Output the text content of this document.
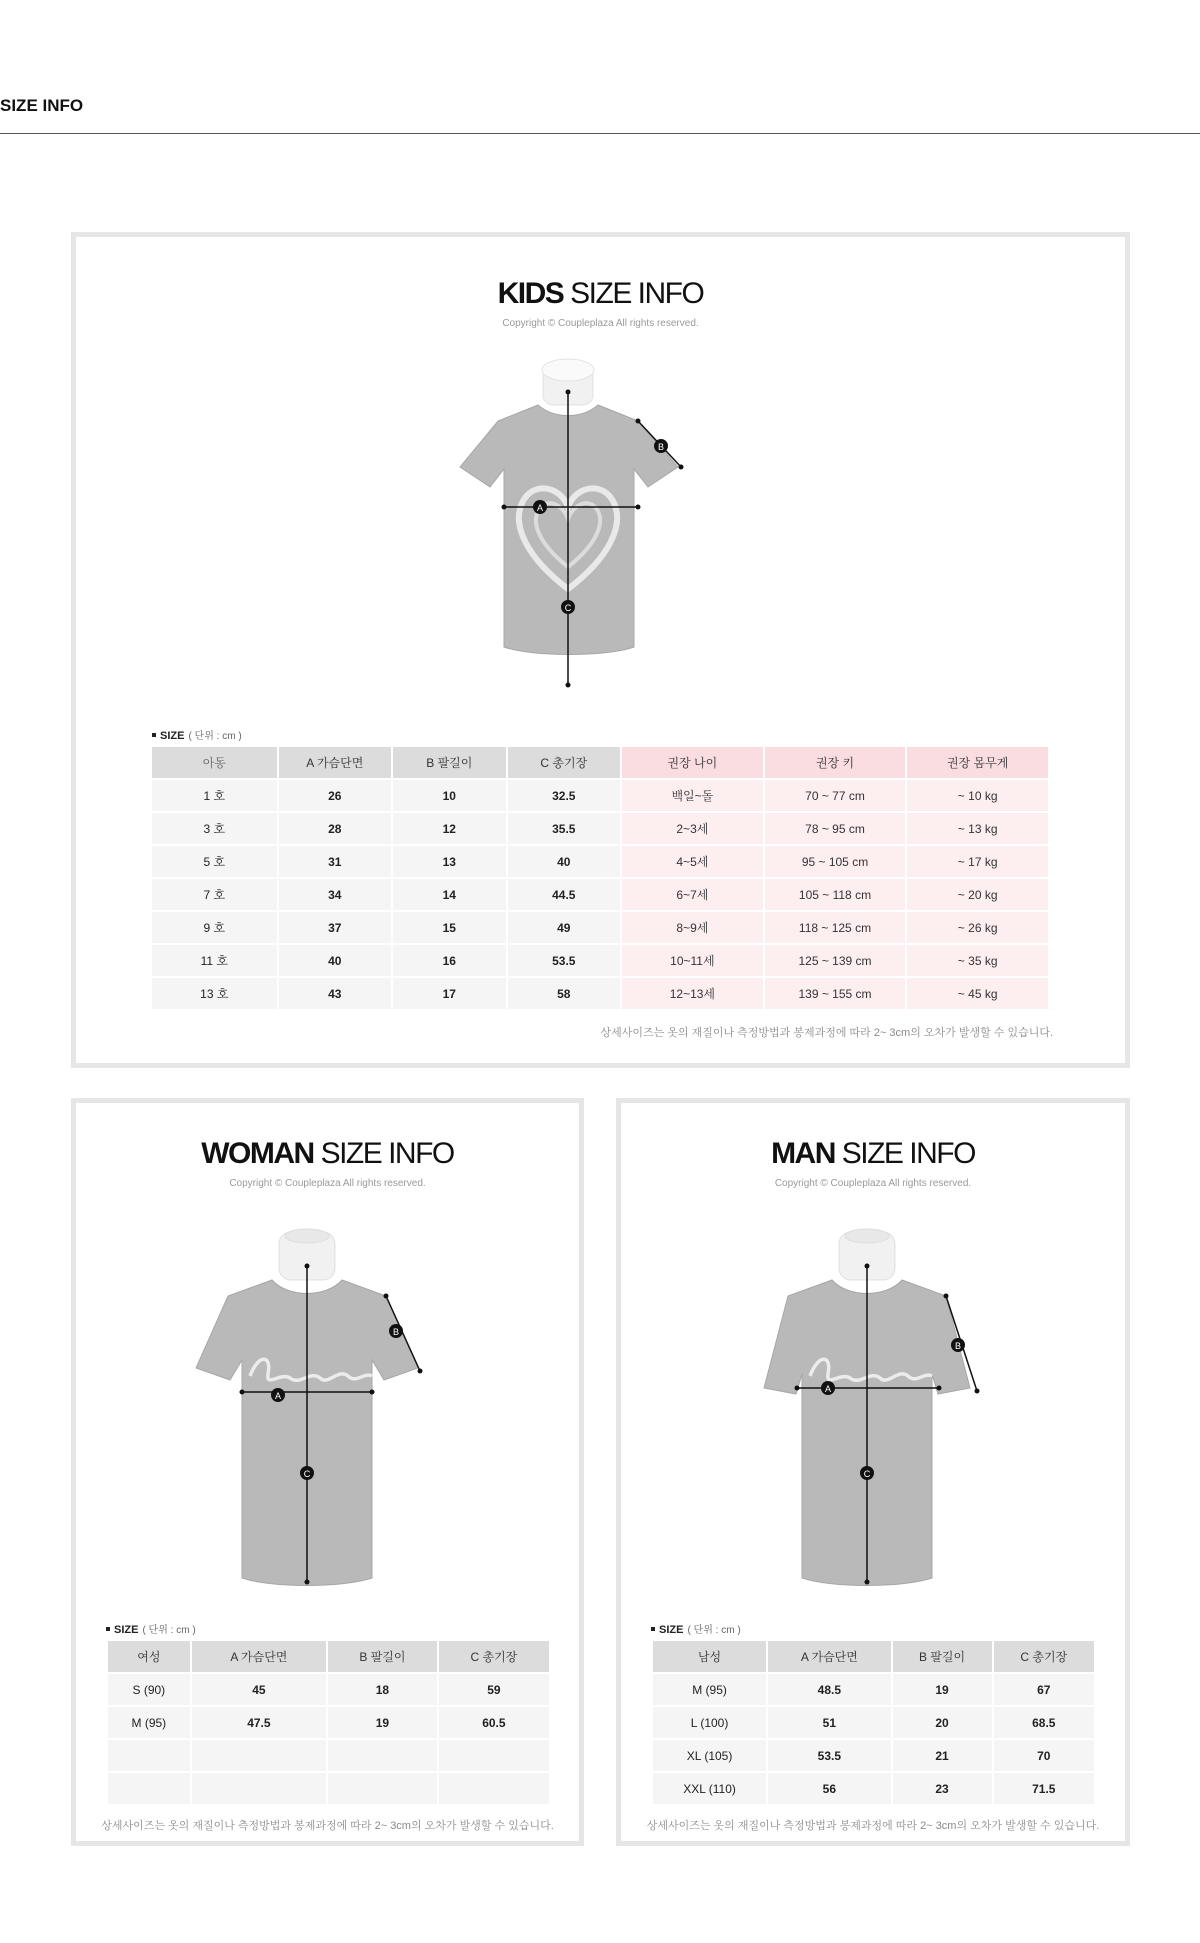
SIZE INFO
KIDS SIZE INFO
Copyright © Coupleplaza All rights reserved.
A
B
C
SIZE ( 단위 : cm )
아동	A 가슴단면	B 팔길이	C 총기장	권장 나이	권장 키	권장 몸무게
1 호	26	10	32.5	백일~돌	70 ~ 77 cm	~ 10 kg
3 호	28	12	35.5	2~3세	78 ~ 95 cm	~ 13 kg
5 호	31	13	40	4~5세	95 ~ 105 cm	~ 17 kg
7 호	34	14	44.5	6~7세	105 ~ 118 cm	~ 20 kg
9 호	37	15	49	8~9세	118 ~ 125 cm	~ 26 kg
11 호	40	16	53.5	10~11세	125 ~ 139 cm	~ 35 kg
13 호	43	17	58	12~13세	139 ~ 155 cm	~ 45 kg
상세사이즈는 옷의 재질이나 측정방법과 봉제과정에 따라 2~ 3cm의 오차가 발생할 수 있습니다.
WOMAN SIZE INFO
Copyright © Coupleplaza All rights reserved.
A
B
C
SIZE ( 단위 : cm )
여성	A 가슴단면	B 팔길이	C 총기장
S (90)	45	18	59
M (95)	47.5	19	60.5

상세사이즈는 옷의 재질이나 측정방법과 봉제과정에 따라 2~ 3cm의 오차가 발생할 수 있습니다.
MAN SIZE INFO
Copyright © Coupleplaza All rights reserved.
A
B
C
SIZE ( 단위 : cm )
남성	A 가슴단면	B 팔길이	C 총기장
M (95)	48.5	19	67
L (100)	51	20	68.5
XL (105)	53.5	21	70
XXL (110)	56	23	71.5
상세사이즈는 옷의 재질이나 측정방법과 봉제과정에 따라 2~ 3cm의 오차가 발생할 수 있습니다.
